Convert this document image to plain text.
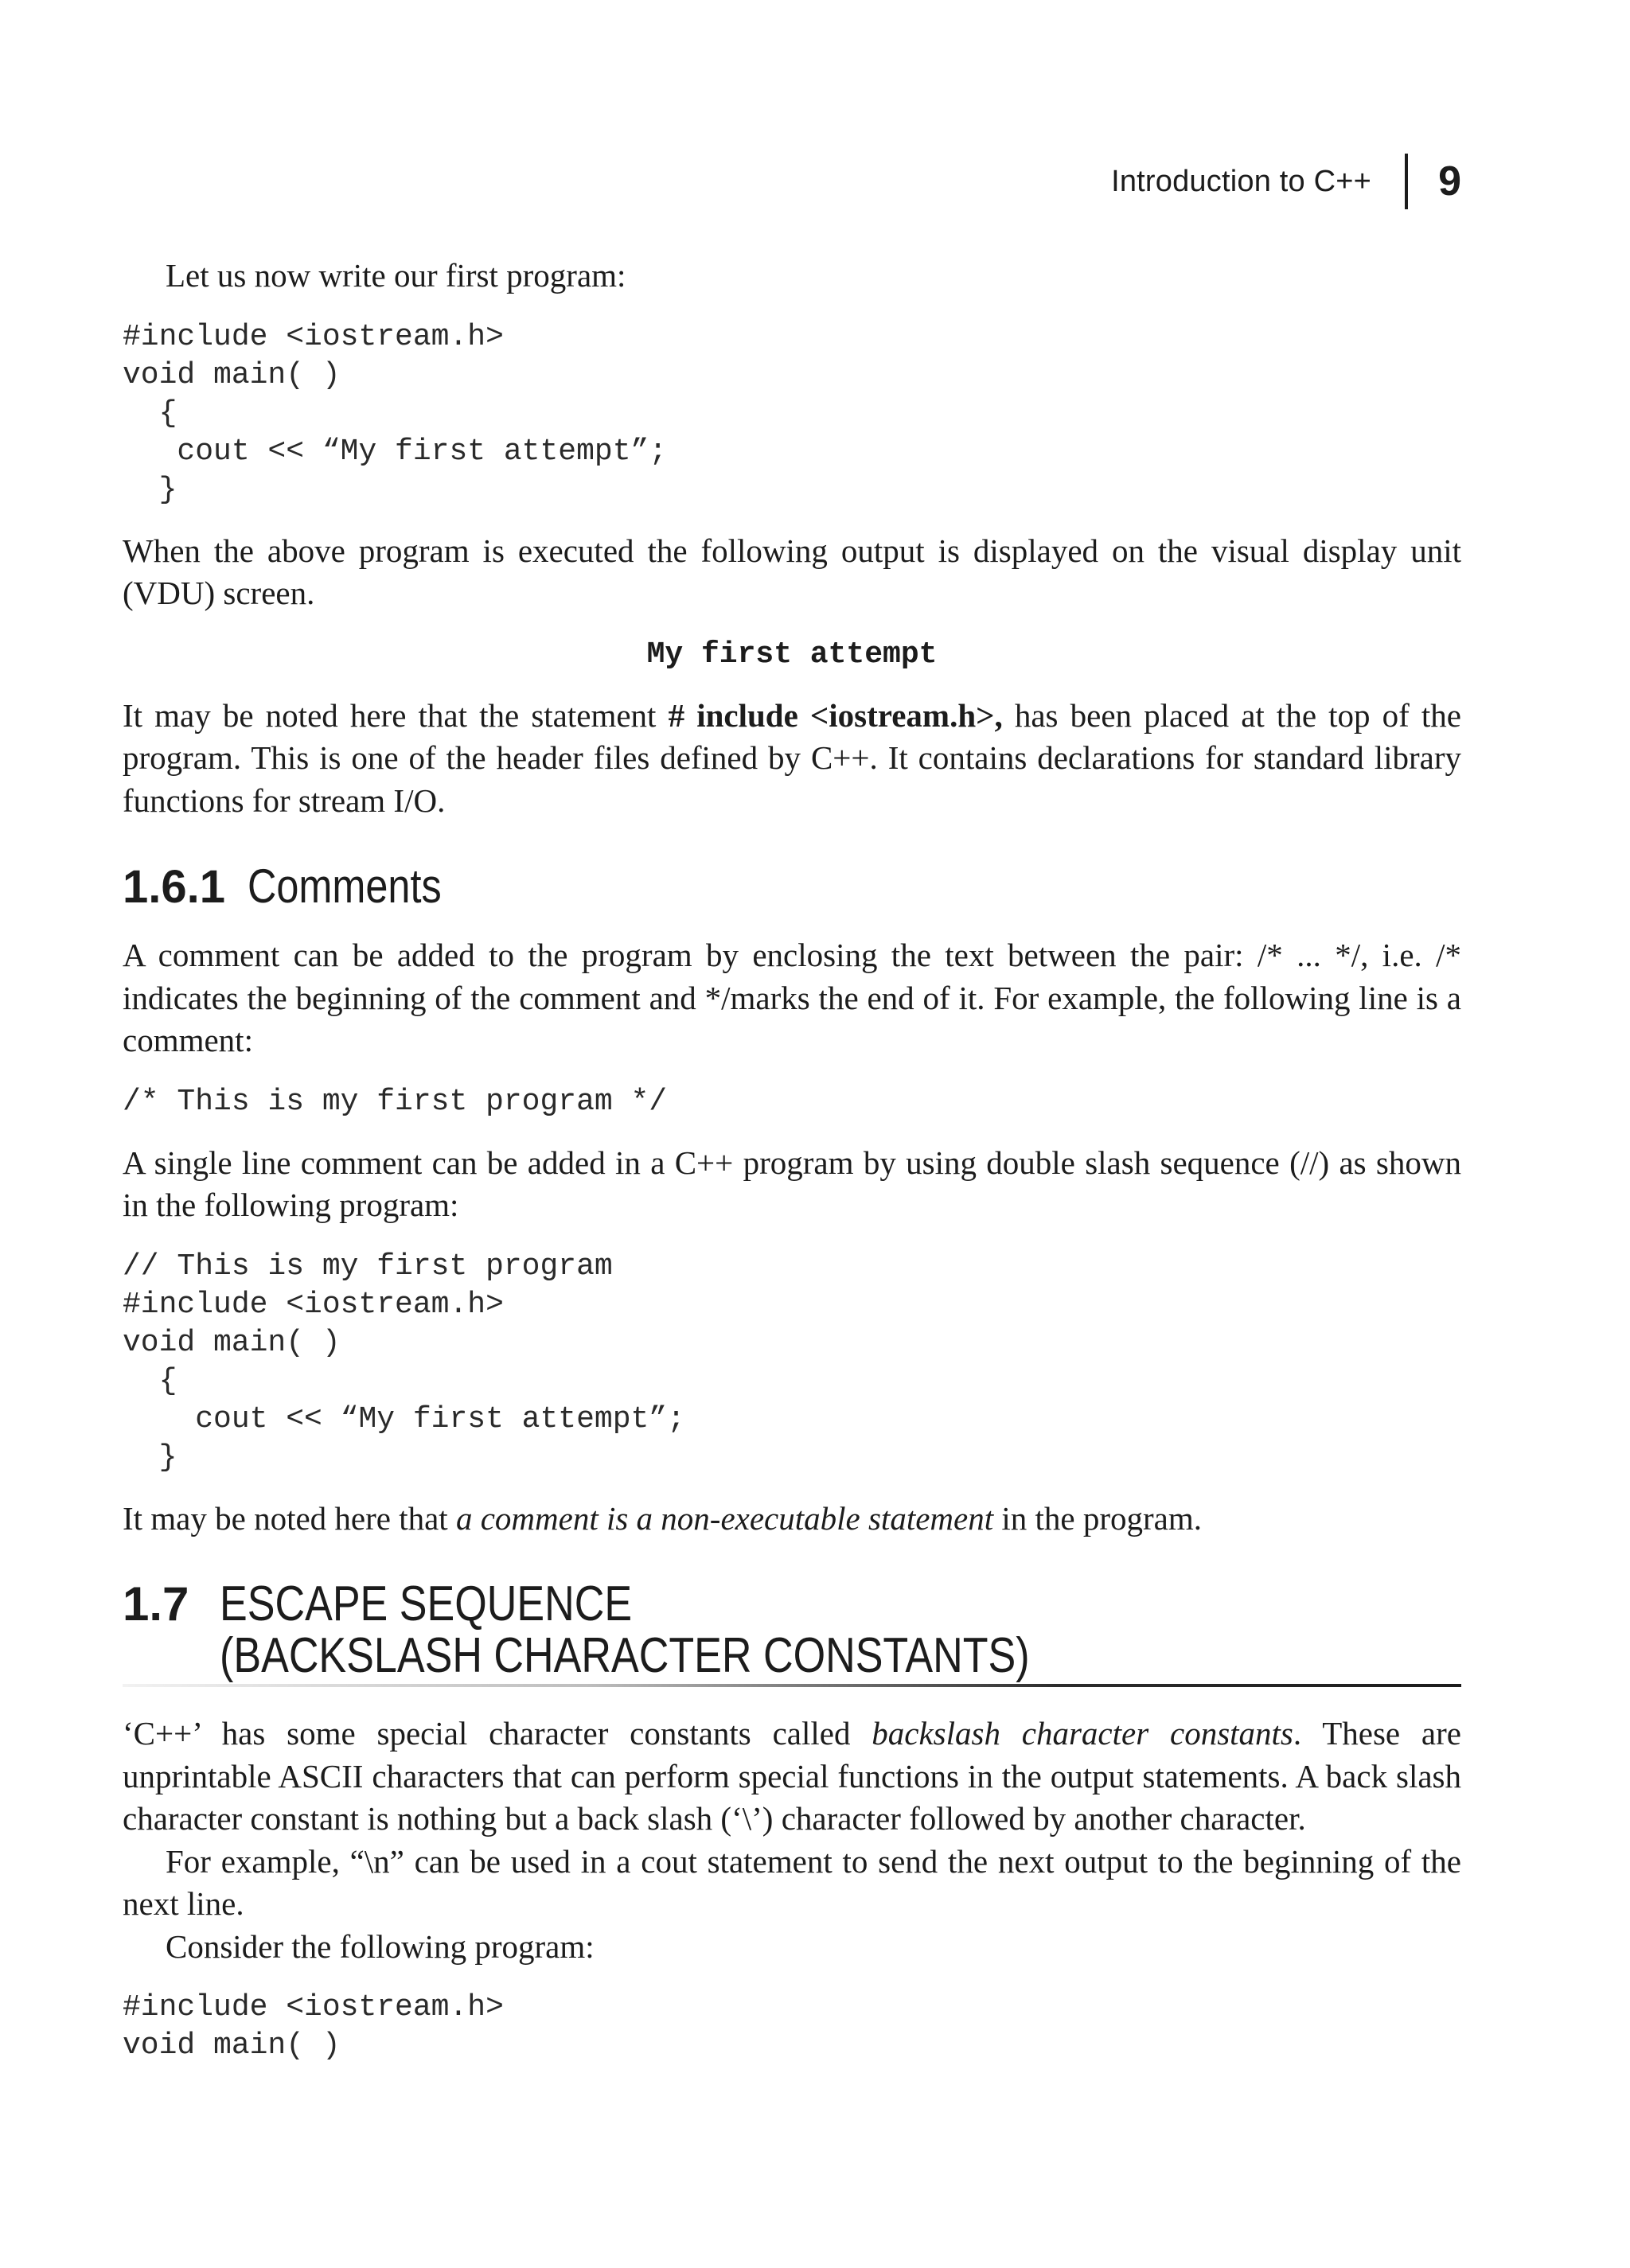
Introduction to C++ 9

Let us now write our first program:

#include <iostream.h>
void main( )
{
cout << “My first attempt”;
}

When the above program is executed the following output is displayed on the visual display unit (VDU) screen.

My first attempt

It may be noted here that the statement # include <iostream.h>, has been placed at the top of the program. This is one of the header files defined by C++. It contains declarations for standard library functions for stream I/O.

1.6.1 Comments

A comment can be added to the program by enclosing the text between the pair: /* ... */, i.e. /* indicates the beginning of the comment and */marks the end of it. For example, the following line is a comment:

/* This is my first program */

A single line comment can be added in a C++ program by using double slash sequence (//) as shown in the following program:

// This is my first program
#include <iostream.h>
void main( )
{
cout << “My first attempt”;
}

It may be noted here that a comment is a non-executable statement in the program.

1.7 ESCAPE SEQUENCE
(BACKSLASH CHARACTER CONSTANTS)

‘C++’ has some special character constants called backslash character constants. These are unprintable ASCII characters that can perform special functions in the output statements. A back slash character constant is nothing but a back slash (‘\’) character followed by another character.

For example, “\n” can be used in a cout statement to send the next output to the beginning of the next line.

Consider the following program:

#include <iostream.h>
void main( )
